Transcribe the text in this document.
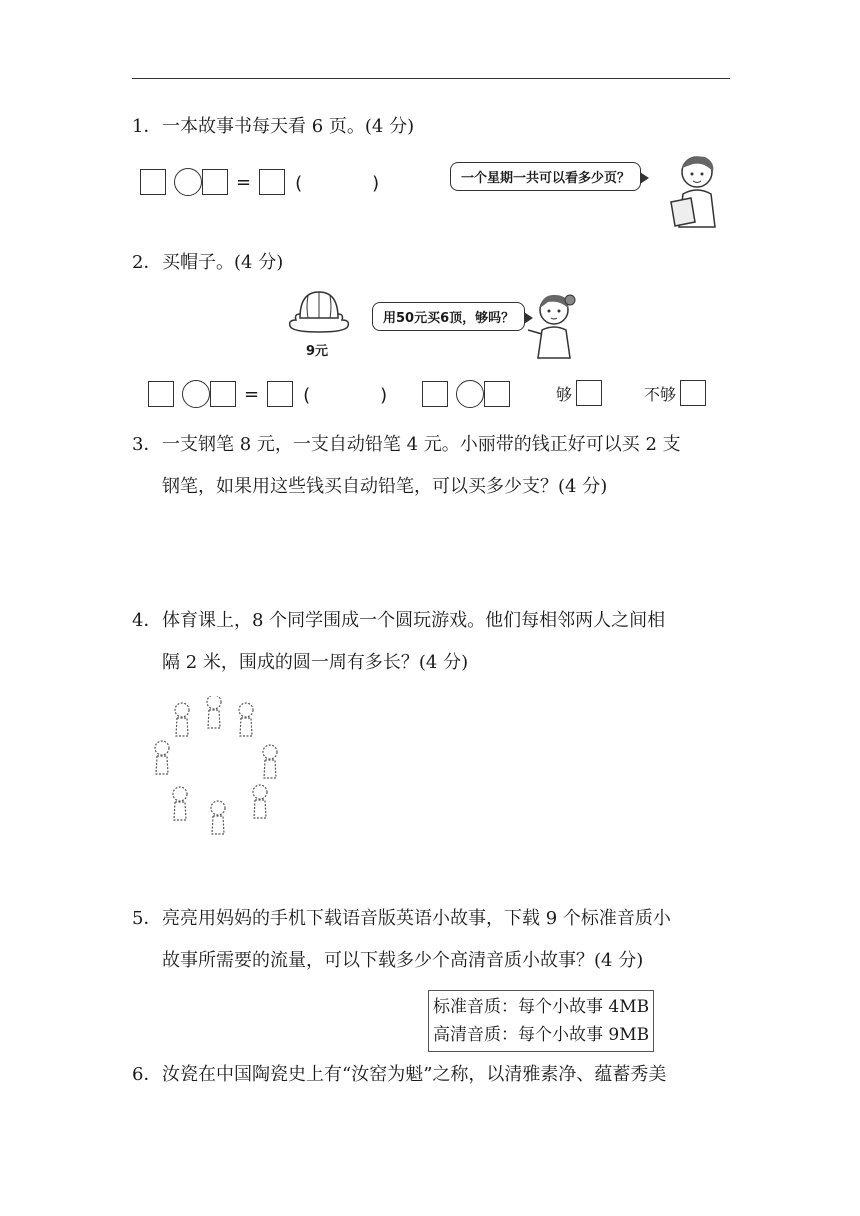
1．一本故事书每天看 6 页。(4 分)
= (　)	一个星期一共可以看多少页？
2．买帽子。(4 分)
9元
用50元买6顶，够吗？
= (　)	够	不够
3．一支钢笔 8 元，一支自动铅笔 4 元。小丽带的钱正好可以买 2 支
钢笔，如果用这些钱买自动铅笔，可以买多少支？(4 分)
4．体育课上，8 个同学围成一个圆玩游戏。他们每相邻两人之间相
隔 2 米，围成的圆一周有多长？(4 分)
5．亮亮用妈妈的手机下载语音版英语小故事，下载 9 个标准音质小
故事所需要的流量，可以下载多少个高清音质小故事？(4 分)
标准音质：每个小故事 4MB
高清音质：每个小故事 9MB
6．汝瓷在中国陶瓷史上有“汝窑为魁”之称，以清雅素净、蕴蓄秀美
